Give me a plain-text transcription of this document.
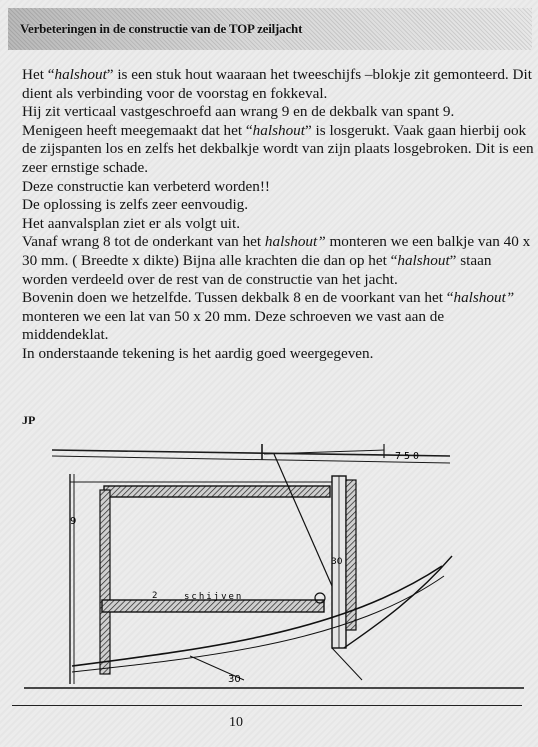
Verbeteringen in de constructie van de TOP zeiljacht

Het “halshout” is een stuk hout waaraan het tweeschijfs –blokje zit gemonteerd. Dit dient als verbinding voor de voorstag en fokkeval.

Hij zit verticaal vastgeschroefd aan wrang 9 en de dekbalk van spant 9.

Menigeen heeft meegemaakt dat het “halshout” is losgerukt. Vaak gaan hierbij ook de zijspanten los en zelfs het dekbalkje wordt van zijn plaats losgebroken. Dit is een zeer ernstige schade.

Deze constructie kan verbeterd worden!!

De oplossing is zelfs zeer eenvoudig.

Het aanvalsplan ziet er als volgt uit.

Vanaf wrang 8 tot de onderkant van het halshout” monteren we een balkje van 40 x 30 mm. ( Breedte x dikte) Bijna alle krachten die dan op het “halshout” staan worden verdeeld over de rest van de constructie van het jacht.

Bovenin doen we hetzelfde. Tussen dekbalk 8 en de voorkant van het “halshout” monteren we een lat van 50 x 20 mm. Deze schroeven we vast aan de middendeklat.

In onderstaande tekening is het aardig goed weergegeven.

JP
750
9
30
2	schijven
30
10
